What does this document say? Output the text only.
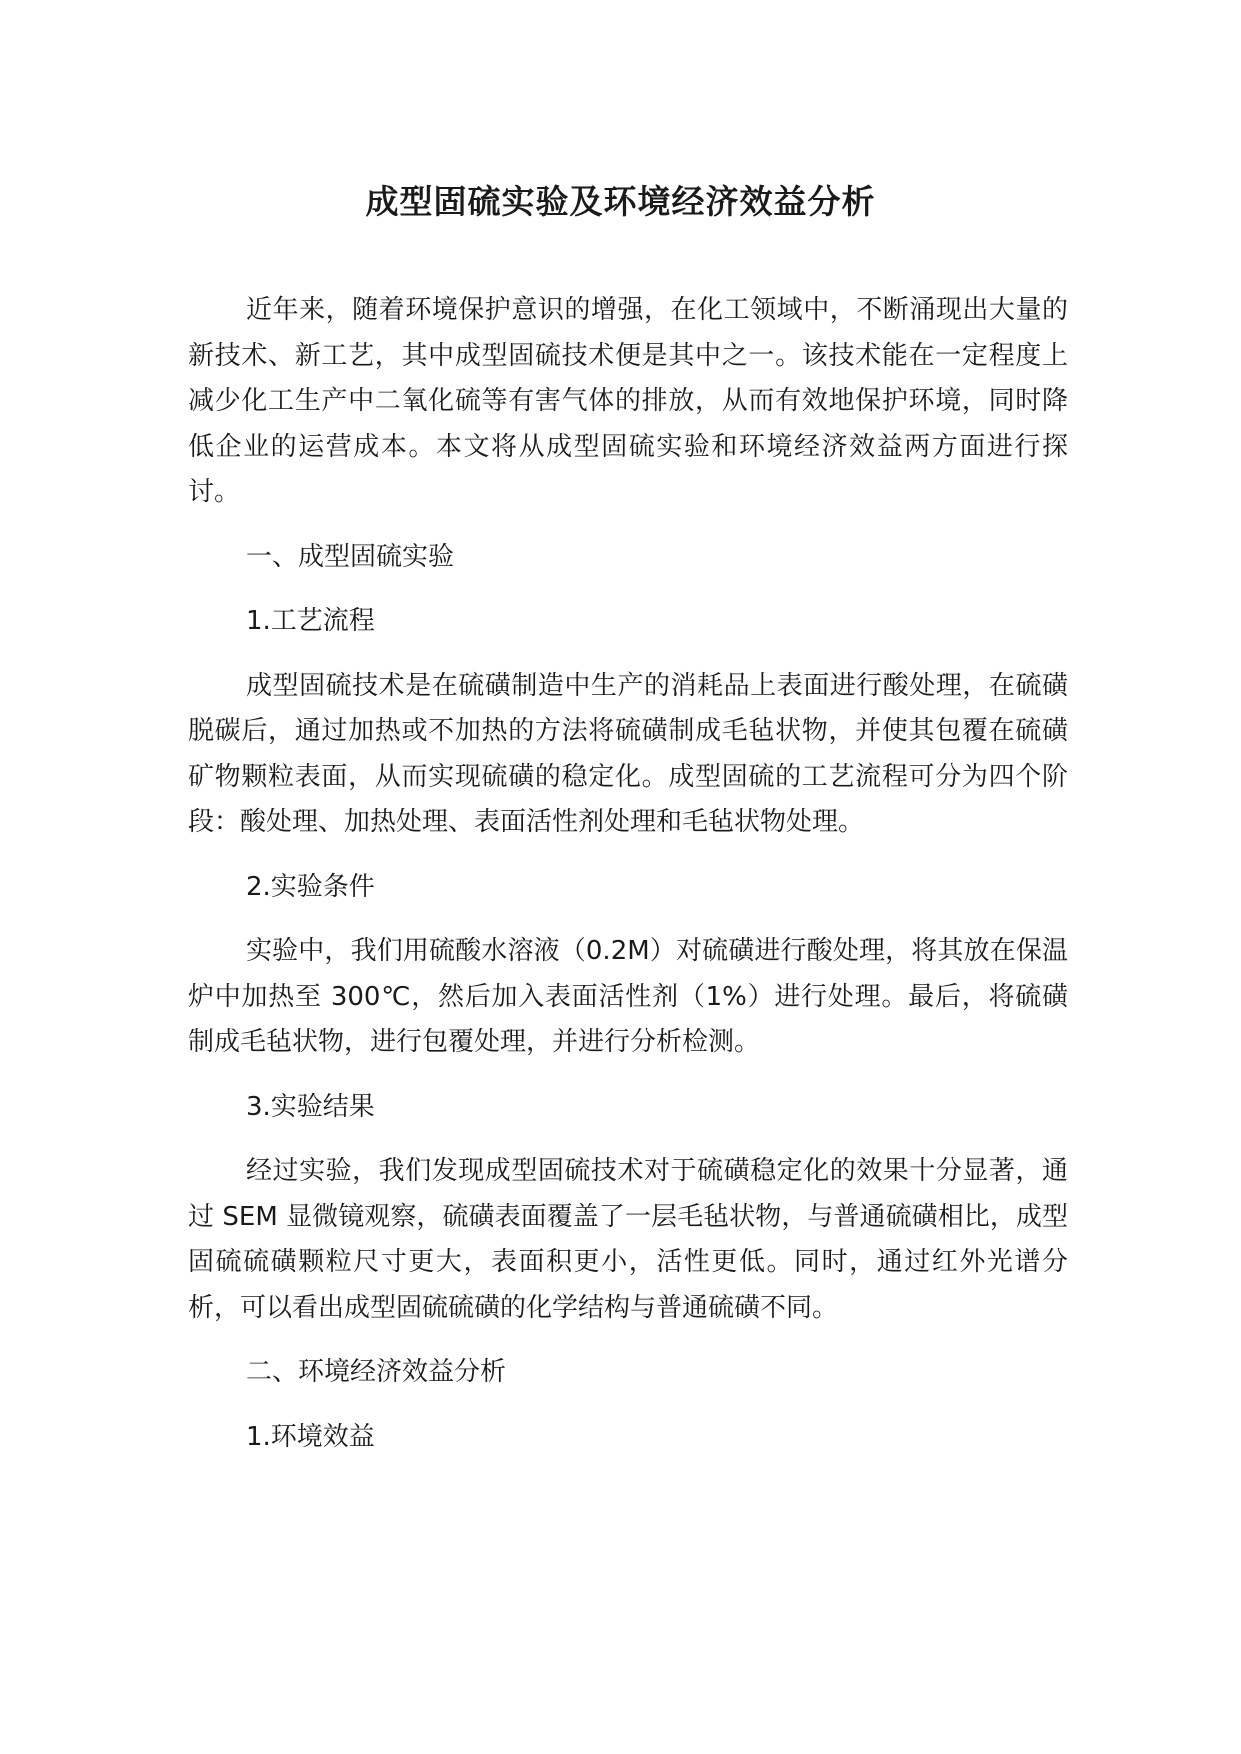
成型固硫实验及环境经济效益分析

近年来，随着环境保护意识的增强，在化工领域中，不断涌现出大量的新技术、新工艺，其中成型固硫技术便是其中之一。该技术能在一定程度上减少化工生产中二氧化硫等有害气体的排放，从而有效地保护环境，同时降低企业的运营成本。本文将从成型固硫实验和环境经济效益两方面进行探讨。

一、成型固硫实验

1.工艺流程

成型固硫技术是在硫磺制造中生产的消耗品上表面进行酸处理，在硫磺脱碳后，通过加热或不加热的方法将硫磺制成毛毡状物，并使其包覆在硫磺矿物颗粒表面，从而实现硫磺的稳定化。成型固硫的工艺流程可分为四个阶段：酸处理、加热处理、表面活性剂处理和毛毡状物处理。

2.实验条件

实验中，我们用硫酸水溶液（0.2M）对硫磺进行酸处理，将其放在保温炉中加热至 300℃，然后加入表面活性剂（1%）进行处理。最后，将硫磺制成毛毡状物，进行包覆处理，并进行分析检测。

3.实验结果

经过实验，我们发现成型固硫技术对于硫磺稳定化的效果十分显著，通过 SEM 显微镜观察，硫磺表面覆盖了一层毛毡状物，与普通硫磺相比，成型固硫硫磺颗粒尺寸更大，表面积更小，活性更低。同时，通过红外光谱分析，可以看出成型固硫硫磺的化学结构与普通硫磺不同。

二、环境经济效益分析

1.环境效益
